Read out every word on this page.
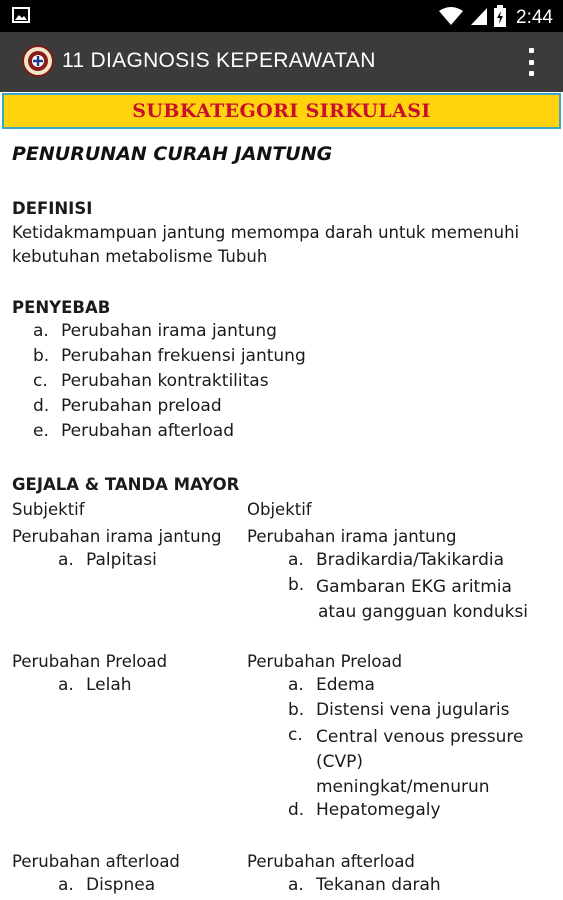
2:44
11 DIAGNOSIS KEPERAWATAN
SUBKATEGORI SIRKULASI
PENURUNAN CURAH JANTUNG
DEFINISI
Ketidakmampuan jantung memompa darah untuk memenuhi
kebutuhan metabolisme Tubuh
PENYEBAB
a. Perubahan irama jantung
b. Perubahan frekuensi jantung
c. Perubahan kontraktilitas
d. Perubahan preload
e. Perubahan afterload
GEJALA & TANDA MAYOR
Subjektif	Objektif
Perubahan irama jantung
a. Palpitasi
Perubahan irama jantung
a. Bradikardia/Takikardia
b. Gambaran EKG aritmia
atau gangguan konduksi
Perubahan Preload
a. Lelah
Perubahan Preload
a. Edema
b. Distensi vena jugularis
c. Central venous pressure
(CVP)
meningkat/menurun
d. Hepatomegaly
Perubahan afterload
a. Dispnea
Perubahan afterload
a. Tekanan darah
